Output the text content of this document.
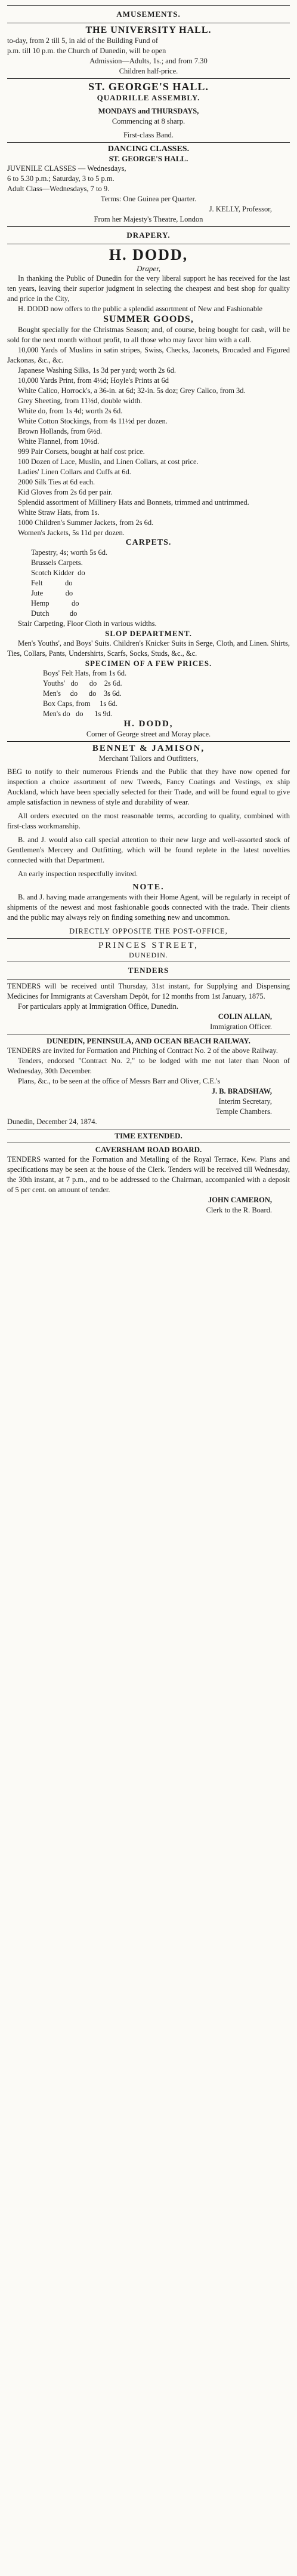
AMUSEMENTS.
THE UNIVERSITY HALL.

to-day, from 2 till 5, in aid of the Building Fund of

p.m. till 10 p.m. the Church of Dunedin, will be open

Admission—Adults, 1s.; and from 7.30

Children half-price.

ST. GEORGE'S HALL.
QUADRILLE ASSEMBLY.

MONDAYS and THURSDAYS,

Commencing at 8 sharp.

First-class Band.

DANCING CLASSES.
ST. GEORGE'S HALL.

JUVENILE CLASSES — Wednesdays,

6 to 5.30 p.m.; Saturday, 3 to 5 p.m.

Adult Class—Wednesdays, 7 to 9.

Terms: One Guinea per Quarter.

J. KELLY, Professor,

From her Majesty's Theatre, London

DRAPERY.
H. DODD,
Draper,

In thanking the Public of Dunedin for the very liberal support he has received for the last ten years, leaving their superior judgment in selecting the cheapest and best shop for quality and price in the City,

H. DODD now offers to the public a splendid assortment of New and Fashionable

SUMMER GOODS,

Bought specially for the Christmas Season; and, of course, being bought for cash, will be sold for the next month without profit, to all those who may favor him with a call.

10,000 Yards of Muslins in satin stripes, Swiss, Checks, Jaconets, Brocaded and Figured Jackonas, &c., &c.

Japanese Washing Silks, 1s 3d per yard; worth 2s 6d.

10,000 Yards Print, from 4½d; Hoyle's Prints at 6d

White Calico, Horrock's, a 36-in. at 6d; 32-in. 5s doz; Grey Calico, from 3d.

Grey Sheeting, from 11½d, double width.

White do, from 1s 4d; worth 2s 6d.

White Cotton Stockings, from 4s 11½d per dozen.

Brown Hollands, from 6½d.

White Flannel, from 10½d.

999 Pair Corsets, bought at half cost price.

100 Dozen of Lace, Muslin, and Linen Collars, at cost price.

Ladies' Linen Collars and Cuffs at 6d.

2000 Silk Ties at 6d each.

Kid Gloves from 2s 6d per pair.

Splendid assortment of Millinery Hats and Bonnets, trimmed and untrimmed.

White Straw Hats, from 1s.

1000 Children's Summer Jackets, from 2s 6d.

Women's Jackets, 5s 11d per dozen.

CARPETS.

Tapestry, 4s; worth 5s 6d.

Brussels Carpets.

Scotch Kidder  do

Felt            do

Jute            do

Hemp            do

Dutch           do

Stair Carpeting, Floor Cloth in various widths.

SLOP DEPARTMENT.

Men's Youths', and Boys' Suits. Children's Knicker Suits in Serge, Cloth, and Linen. Shirts, Ties, Collars, Pants, Undershirts, Scarfs, Socks, Studs, &c., &c.

SPECIMEN OF A FEW PRICES.

Boys' Felt Hats, from 1s 6d.

Youths'   do      do    2s 6d.

Men's     do      do    3s 6d.

Box Caps, from     1s 6d.

Men's do   do      1s 9d.

H. DODD,

Corner of George street and Moray place.

BENNET & JAMISON,
Merchant Tailors and Outfitters,

BEG to notify to their numerous Friends and the Public that they have now opened for inspection a choice assortment of new Tweeds, Fancy Coatings and Vestings, ex ship Auckland, which have been specially selected for their Trade, and will be found equal to give ample satisfaction in newness of style and durability of wear.

All orders executed on the most reasonable terms, according to quality, combined with first-class workmanship.

B. and J. would also call special attention to their new large and well-assorted stock of Gentlemen's Mercery and Outfitting, which will be found replete in the latest novelties connected with that Department.

An early inspection respectfully invited.

NOTE.

B. and J. having made arrangements with their Home Agent, will be regularly in receipt of shipments of the newest and most fashionable goods connected with the trade. Their clients and the public may always rely on finding something new and uncommon.

DIRECTLY OPPOSITE THE POST-OFFICE,

PRINCES STREET,
DUNEDIN.
TENDERS

TENDERS will be received until Thursday, 31st instant, for Supplying and Dispensing Medicines for Immigrants at Caversham Depôt, for 12 months from 1st January, 1875.

For particulars apply at Immigration Office, Dunedin.

COLIN ALLAN,

Immigration Officer.

DUNEDIN, PENINSULA, AND OCEAN BEACH RAILWAY.

TENDERS are invited for Formation and Pitching of Contract No. 2 of the above Railway.

Tenders, endorsed "Contract No. 2," to be lodged with me not later than Noon of Wednesday, 30th December.

Plans, &c., to be seen at the office of Messrs Barr and Oliver, C.E.'s

J. B. BRADSHAW,

Interim Secretary,

Temple Chambers.

Dunedin, December 24, 1874.

TIME EXTENDED.
CAVERSHAM ROAD BOARD.

TENDERS wanted for the Formation and Metalling of the Royal Terrace, Kew. Plans and specifications may be seen at the house of the Clerk. Tenders will be received till Wednesday, the 30th instant, at 7 p.m., and to be addressed to the Chairman, accompanied with a deposit of 5 per cent. on amount of tender.

JOHN CAMERON,

Clerk to the R. Board.
